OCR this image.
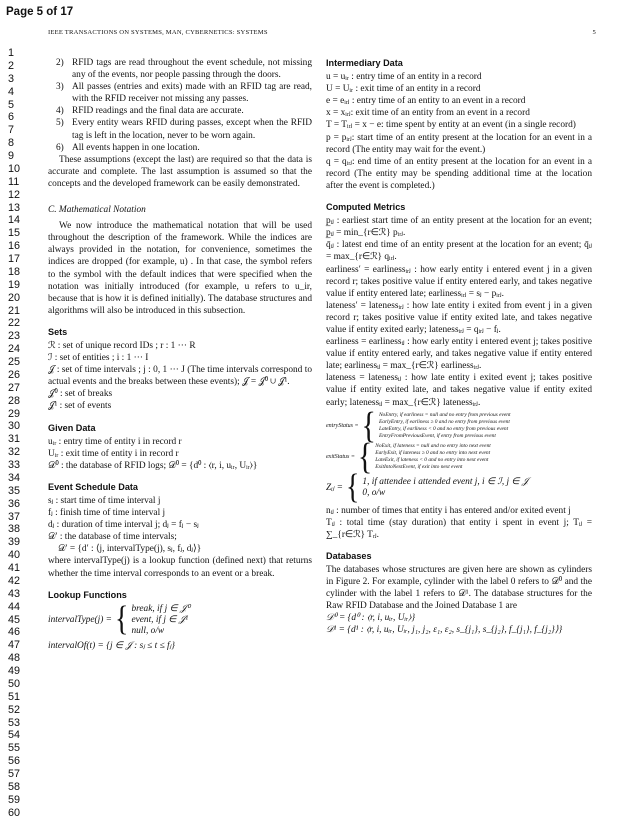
Page 5 of 17
IEEE TRANSACTIONS ON SYSTEMS, MAN, CYBERNETICS: SYSTEMS	5
1
2
3
4
5
6
7
8
9
10
11
12
13
14
15
16
17
18
19
20
21
22
23
24
25
26
27
28
29
30
31
32
33
34
35
36
37
38
39
40
41
42
43
44
45
46
47
48
49
50
51
52
53
54
55
56
57
58
59
60
2) RFID tags are read throughout the event schedule, not missing any of the events, nor people passing through the doors.
3) All passes (entries and exits) made with an RFID tag are read, with the RFID receiver not missing any passes.
4) RFID readings and the final data are accurate.
5) Every entity wears RFID during passes, except when the RFID tag is left in the location, never to be worn again.
6) All events happen in one location.

These assumptions (except the last) are required so that the data is accurate and complete. The last assumption is assumed so that the concepts and the developed framework can be easily demonstrated.

C. Mathematical Notation

We now introduce the mathematical notation that will be used throughout the description of the framework. While the indices are always provided in the notation, for convenience, sometimes the indices are dropped (for example, u) . In that case, the symbol refers to the symbol with the default indices that were specified when the notation was initially introduced (for example, u refers to u_ir, because that is how it is defined initially). The database structures and algorithms will also be introduced in this subsection.

Sets

ℛ : set of unique record IDs ; r : 1 ··· R

ℐ : set of entities ; i : 1 ··· I

𝒥 : set of time intervals ; j : 0, 1 ··· J (The time intervals correspond to actual events and the breaks between these events); 𝒥 = 𝒥⁰ ∪ 𝒥¹.

𝒥⁰ : set of breaks

𝒥¹ : set of events

Given Data

uᵢᵣ : entry time of entity i in record r

Uᵢᵣ : exit time of entity i in record r

𝒟⁰ : the database of RFID logs; 𝒟⁰ = {d⁰ : ⟨r, i, uᵢᵣ, Uᵢᵣ⟩}

Event Schedule Data

sⱼ : start time of time interval j

fⱼ : finish time of time interval j

dⱼ : duration of time interval j; dⱼ = fⱼ − sⱼ

𝒟′ : the database of time intervals;

𝒟′ = {d′ : ⟨j, intervalType(j), sⱼ, fⱼ, dⱼ⟩}

where intervalType(j) is a lookup function (defined next) that returns whether the time interval corresponds to an event or a break.

Lookup Functions

intervalType(j) = { break, if j ∈ 𝒥⁰

event, if j ∈ 𝒥¹

null, o/w

intervalOf(t) = {j ∈ 𝒥 : sⱼ ≤ t ≤ fⱼ}

Intermediary Data

u = uᵢᵣ : entry time of an entity in a record

U = Uᵢᵣ : exit time of an entity in a record

e = eᵢᵣⱼ : entry time of an entity to an event in a record

x = xᵢᵣⱼ: exit time of an entity from an event in a record

T = Tᵢᵣⱼ = x − e: time spent by entity at an event (in a single record)

p = pᵢᵣⱼ: start time of an entity present at the location for an event in a record (The entity may wait for the event.)

q = qᵢᵣⱼ: end time of an entity present at the location for an event in a record (The entity may be spending additional time at the location after the event is completed.)

Computed Metrics

p̲ᵢⱼ : earliest start time of an entity present at the location for an event; p̲ᵢⱼ = min_{r∈ℛ} pᵢᵣⱼ.

q̄ᵢⱼ : latest end time of an entity present at the location for an event; q̄ᵢⱼ = max_{r∈ℛ} qᵢᵣⱼ.

earliness′ = earlinessᵢᵣⱼ : how early entity i entered event j in a given record r; takes positive value if entity entered early, and takes negative value if entity entered late; earlinessᵢᵣⱼ = sⱼ − pᵢᵣⱼ.

lateness′ = latenessᵢᵣⱼ : how late entity i exited from event j in a given record r; takes positive value if entity exited late, and takes negative value if entity exited early; latenessᵢᵣⱼ = qᵢᵣⱼ − fⱼ.

earliness = earlinessᵢⱼ : how early entity i entered event j; takes positive value if entity entered early, and takes negative value if entity entered late; earlinessᵢⱼ = max_{r∈ℛ} earlinessᵢᵣⱼ.

lateness = latenessᵢⱼ : how late entity i exited event j; takes positive value if entity exited late, and takes negative value if entity exited early; latenessᵢⱼ = max_{r∈ℛ} latenessᵢᵣⱼ.

entryStatus = { NoEntry, if earliness = null and no entry from previous event

EarlyEntry, if earliness ≥ 0 and no entry from previous event

LateEntry, if earliness < 0 and no entry from previous event

EntryFromPreviousEvent, if entry from previous event

exitStatus = { NoExit, if lateness = null and no entry into next event

EarlyExit, if lateness ≥ 0 and no entry into next event

LateExit, if lateness < 0 and no entry into next event

ExitIntoNextEvent, if exit into next event

Zᵢⱼ = { 1, if attendee i attended event j, i ∈ ℐ, j ∈ 𝒥

0, o/w

nᵢⱼ : number of times that entity i has entered and/or exited event j

Tᵢⱼ : total time (stay duration) that entity i spent in event j; Tᵢⱼ = ∑_{r∈ℛ} Tᵣⱼ.

Databases

The databases whose structures are given here are shown as cylinders in Figure 2. For example, cylinder with the label 0 refers to 𝒟⁰ and the cylinder with the label 1 refers to 𝒟¹. The database structures for the Raw RFID Database and the Joined Database 1 are

𝒟⁰ = {d⁰ : ⟨r, i, uᵢᵣ, Uᵢᵣ⟩}

𝒟¹ = {d¹ : ⟨r, i, uᵢᵣ, Uᵢᵣ, j₁, j₂, ε₁, ε₂, s_{j₁}, s_{j₂}, f_{j₁}, f_{j₂}⟩}
